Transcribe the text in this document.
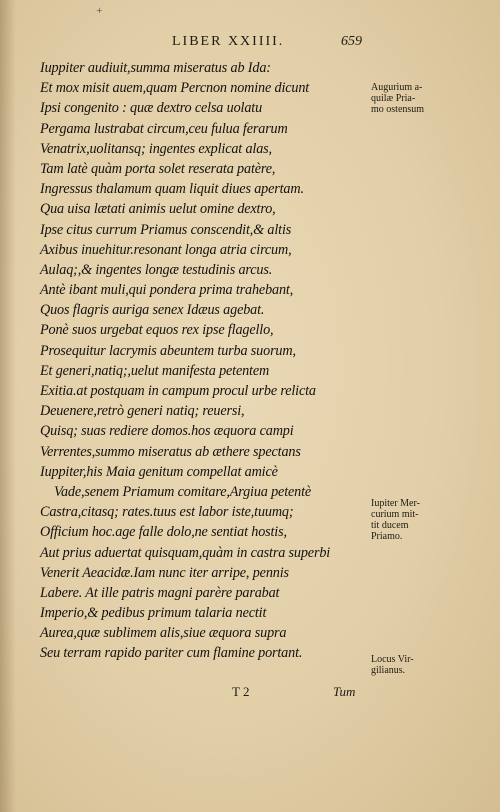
+
LIBER XXIIII.	659
Iuppiter audiuit,summa miseratus ab Ida:
Et mox misit auem,quam Percnon nomine dicunt
Ipsi congenito : quæ dextro celsa uolatu
Pergama lustrabat circum,ceu fulua ferarum
Venatrix,uolitansq; ingentes explicat alas,
Tam latè quàm porta solet reserata patère,
Ingressus thalamum quam liquit diues apertam.
Qua uisa lætati animis uelut omine dextro,
Ipse citus currum Priamus conscendit,& altis
Axibus inuehitur.resonant longa atria circum,
Aulaq;,& ingentes longæ testudinis arcus.
Antè ibant muli,qui pondera prima trahebant,
Quos flagris auriga senex Idæus agebat.
Ponè suos urgebat equos rex ipse flagello,
Prosequitur lacrymis abeuntem turba suorum,
Et generi,natiq;,uelut manifesta petentem
Exitia.at postquam in campum procul urbe relicta
Deuenere,retrò generi natiq; reuersi,
Quisq; suas rediere domos.hos æquora campi
Verrentes,summo miseratus ab æthere spectans
Iuppiter,his Maia genitum compellat amicè
Vade,senem Priamum comitare,Argiua petentè
Castra,citasq; rates.tuus est labor iste,tuumq;
Officium hoc.age falle dolo,ne sentiat hostis,
Aut prius aduertat quisquam,quàm in castra superbi
Venerit Aeacidæ.Iam nunc iter arripe, pennis
Labere. At ille patris magni parère parabat
Imperio,& pedibus primum talaria nectit
Aurea,quæ sublimem alis,siue æquora supra
Seu terram rapido pariter cum flamine portant.
Augurium a-
quilæ Pria-
mo ostensum
Iupiter Mer-
curium mit-
tit ducem
Priamo.
Locus Vir-
gilianus.
T 2	Tum
